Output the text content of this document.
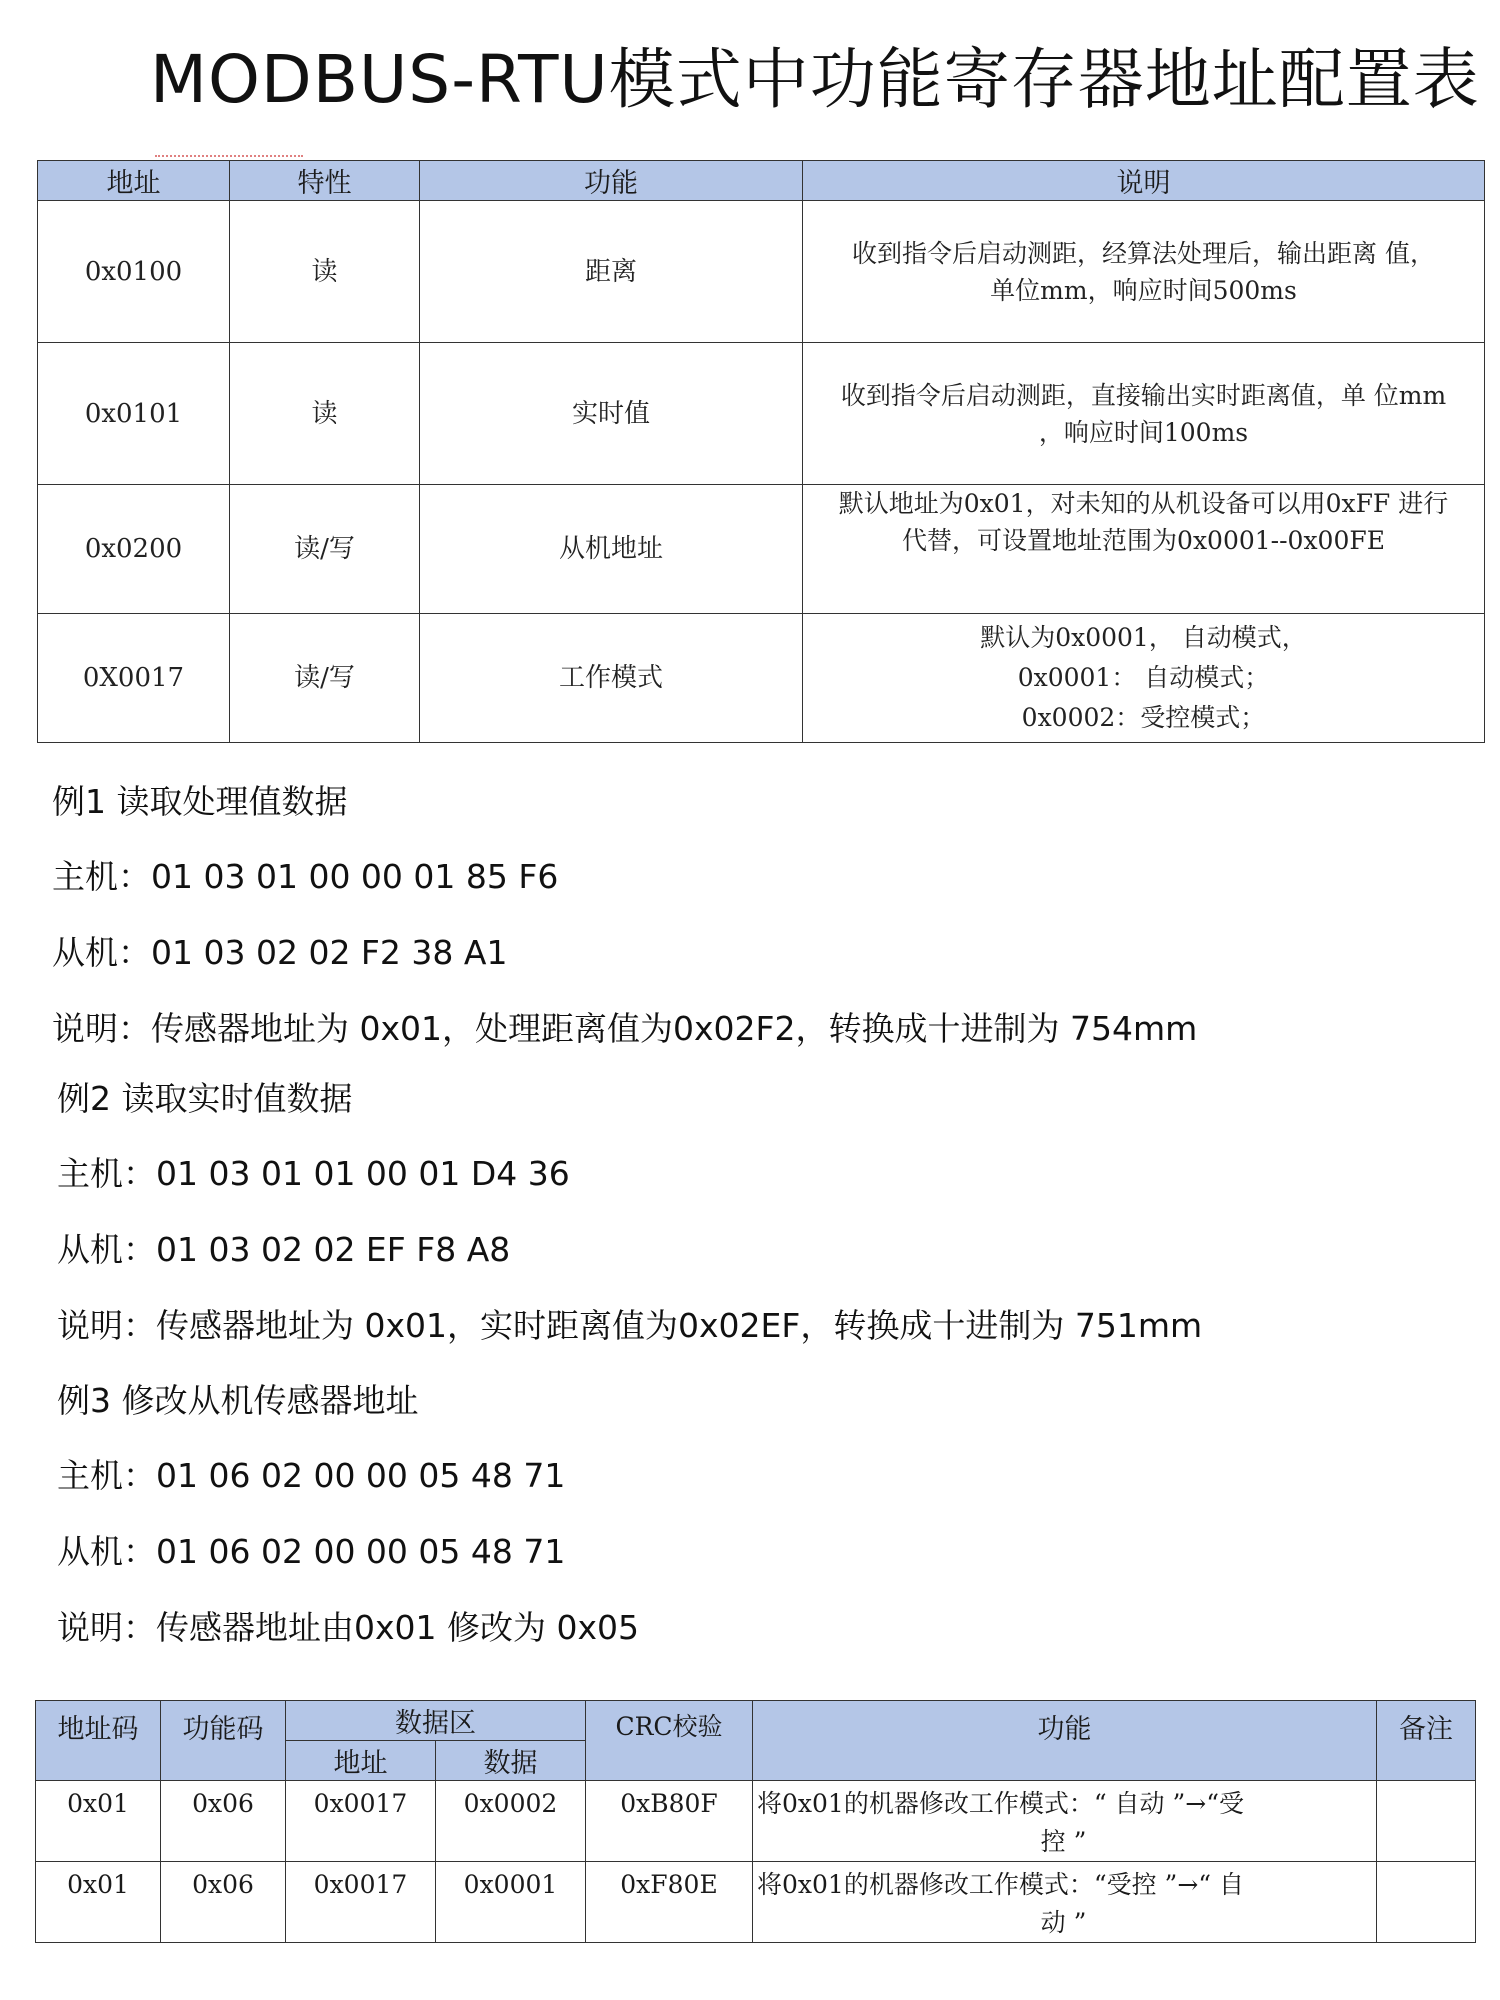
MODBUS-RTU模式中功能寄存器地址配置表
地址	特性	功能	说明
0x0100	读	距离	收到指令后启动测距，经算法处理后，输出距离 值，
单位mm，响应时间500ms

0x0101	读	实时值	收到指令后启动测距，直接输出实时距离值，单 位mm
，响应时间100ms

0x0200	读/写	从机地址	默认地址为0x01，对未知的从机设备可以用0xFF 进行
代替，可设置地址范围为0x0001--0x00FE

0X0017	读/写	工作模式	默认为0x0001， 自动模式，
0x0001： 自动模式；
0x0002：受控模式；
例1 读取处理值数据
主机：01 03 01 00 00 01 85 F6
从机：01 03 02 02 F2 38 A1
说明：传感器地址为 0x01，处理距离值为0x02F2，转换成十进制为 754mm
例2 读取实时值数据
主机：01 03 01 01 00 01 D4 36
从机：01 03 02 02 EF F8 A8
说明：传感器地址为 0x01，实时距离值为0x02EF，转换成十进制为 751mm
例3 修改从机传感器地址
主机：01 06 02 00 00 05 48 71
从机：01 06 02 00 00 05 48 71
说明：传感器地址由0x01 修改为 0x05
地址码	功能码	数据区		CRC校验	功能	备注
		地址	数据			
0x01	0x06	0x0017	0x0002	0xB80F	将0x01的机器修改工作模式：“ 自动 ”→“受
控 ”	

0x01	0x06	0x0017	0x0001	0xF80E	将0x01的机器修改工作模式：“受控 ”→“ 自
动 ”	
